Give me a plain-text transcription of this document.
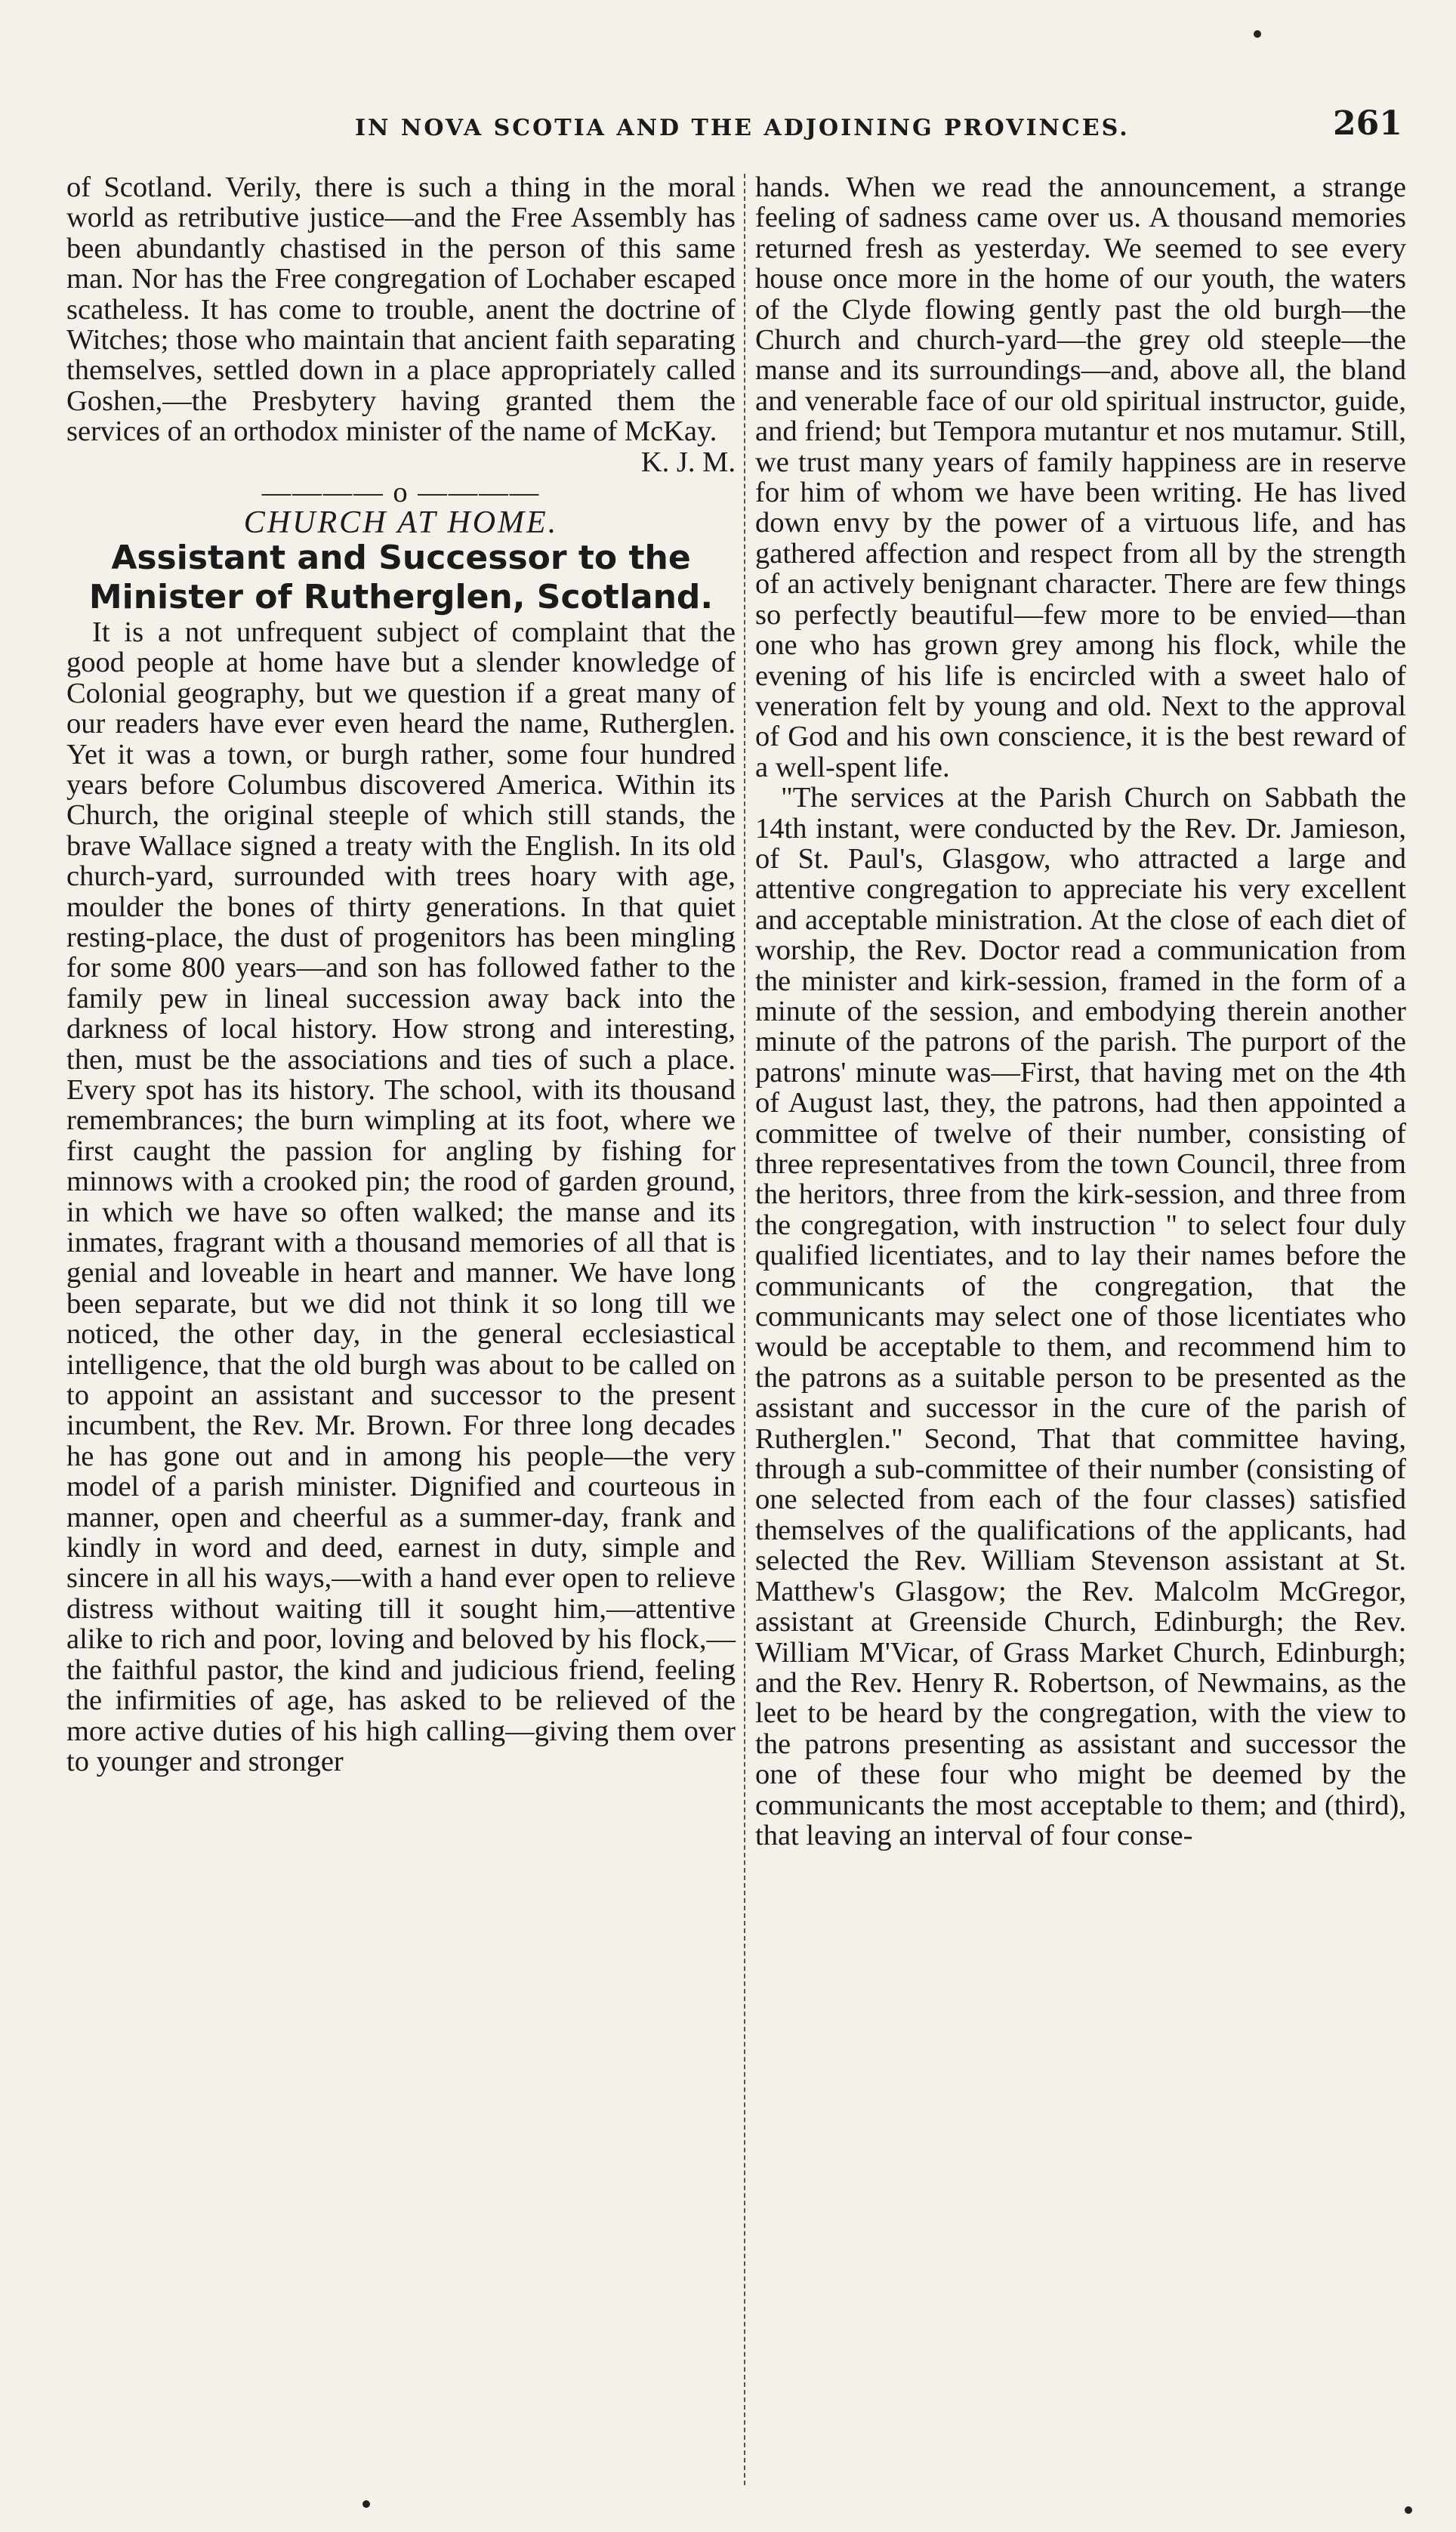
IN NOVA SCOTIA AND THE ADJOINING PROVINCES.	261

of Scotland. Verily, there is such a thing in the moral world as retributive justice—and the Free Assembly has been abundantly chastised in the person of this same man. Nor has the Free congregation of Lochaber escaped scatheless. It has come to trouble, anent the doctrine of Witches; those who maintain that ancient faith separating themselves, settled down in a place appropriately called Goshen,—the Presbytery having granted them the services of an orthodox minister of the name of McKay.

K. J. M.

———— o ————

CHURCH AT HOME.

Assistant and Successor to the Minister of Rutherglen, Scotland.

It is a not unfrequent subject of complaint that the good people at home have but a slender knowledge of Colonial geography, but we question if a great many of our readers have ever even heard the name, Rutherglen. Yet it was a town, or burgh rather, some four hundred years before Columbus discovered America. Within its Church, the original steeple of which still stands, the brave Wallace signed a treaty with the English. In its old church-yard, surrounded with trees hoary with age, moulder the bones of thirty generations. In that quiet resting-place, the dust of progenitors has been mingling for some 800 years—and son has followed father to the family pew in lineal succession away back into the darkness of local history. How strong and interesting, then, must be the associations and ties of such a place. Every spot has its history. The school, with its thousand remembrances; the burn wimpling at its foot, where we first caught the passion for angling by fishing for minnows with a crooked pin; the rood of garden ground, in which we have so often walked; the manse and its inmates, fragrant with a thousand memories of all that is genial and loveable in heart and manner. We have long been separate, but we did not think it so long till we noticed, the other day, in the general ecclesiastical intelligence, that the old burgh was about to be called on to appoint an assistant and successor to the present incumbent, the Rev. Mr. Brown. For three long decades he has gone out and in among his people—the very model of a parish minister. Dignified and courteous in manner, open and cheerful as a summer-day, frank and kindly in word and deed, earnest in duty, simple and sincere in all his ways,—with a hand ever open to relieve distress without waiting till it sought him,—attentive alike to rich and poor, loving and beloved by his flock,—the faithful pastor, the kind and judicious friend, feeling the infirmities of age, has asked to be relieved of the more active duties of his high calling—giving them over to younger and stronger

hands. When we read the announcement, a strange feeling of sadness came over us. A thousand memories returned fresh as yesterday. We seemed to see every house once more in the home of our youth, the waters of the Clyde flowing gently past the old burgh—the Church and church-yard—the grey old steeple—the manse and its surroundings—and, above all, the bland and venerable face of our old spiritual instructor, guide, and friend; but Tempora mutantur et nos mutamur. Still, we trust many years of family happiness are in reserve for him of whom we have been writing. He has lived down envy by the power of a virtuous life, and has gathered affection and respect from all by the strength of an actively benignant character. There are few things so perfectly beautiful—few more to be envied—than one who has grown grey among his flock, while the evening of his life is encircled with a sweet halo of veneration felt by young and old. Next to the approval of God and his own conscience, it is the best reward of a well-spent life.

"The services at the Parish Church on Sabbath the 14th instant, were conducted by the Rev. Dr. Jamieson, of St. Paul's, Glasgow, who attracted a large and attentive congregation to appreciate his very excellent and acceptable ministration. At the close of each diet of worship, the Rev. Doctor read a communication from the minister and kirk-session, framed in the form of a minute of the session, and embodying therein another minute of the patrons of the parish. The purport of the patrons' minute was—First, that having met on the 4th of August last, they, the patrons, had then appointed a committee of twelve of their number, consisting of three representatives from the town Council, three from the heritors, three from the kirk-session, and three from the congregation, with instruction " to select four duly qualified licentiates, and to lay their names before the communicants of the congregation, that the communicants may select one of those licentiates who would be acceptable to them, and recommend him to the patrons as a suitable person to be presented as the assistant and successor in the cure of the parish of Rutherglen." Second, That that committee having, through a sub-committee of their number (consisting of one selected from each of the four classes) satisfied themselves of the qualifications of the applicants, had selected the Rev. William Stevenson assistant at St. Matthew's Glasgow; the Rev. Malcolm McGregor, assistant at Greenside Church, Edinburgh; the Rev. William M'Vicar, of Grass Market Church, Edinburgh; and the Rev. Henry R. Robertson, of Newmains, as the leet to be heard by the congregation, with the view to the patrons presenting as assistant and successor the one of these four who might be deemed by the communicants the most acceptable to them; and (third), that leaving an interval of four conse-
